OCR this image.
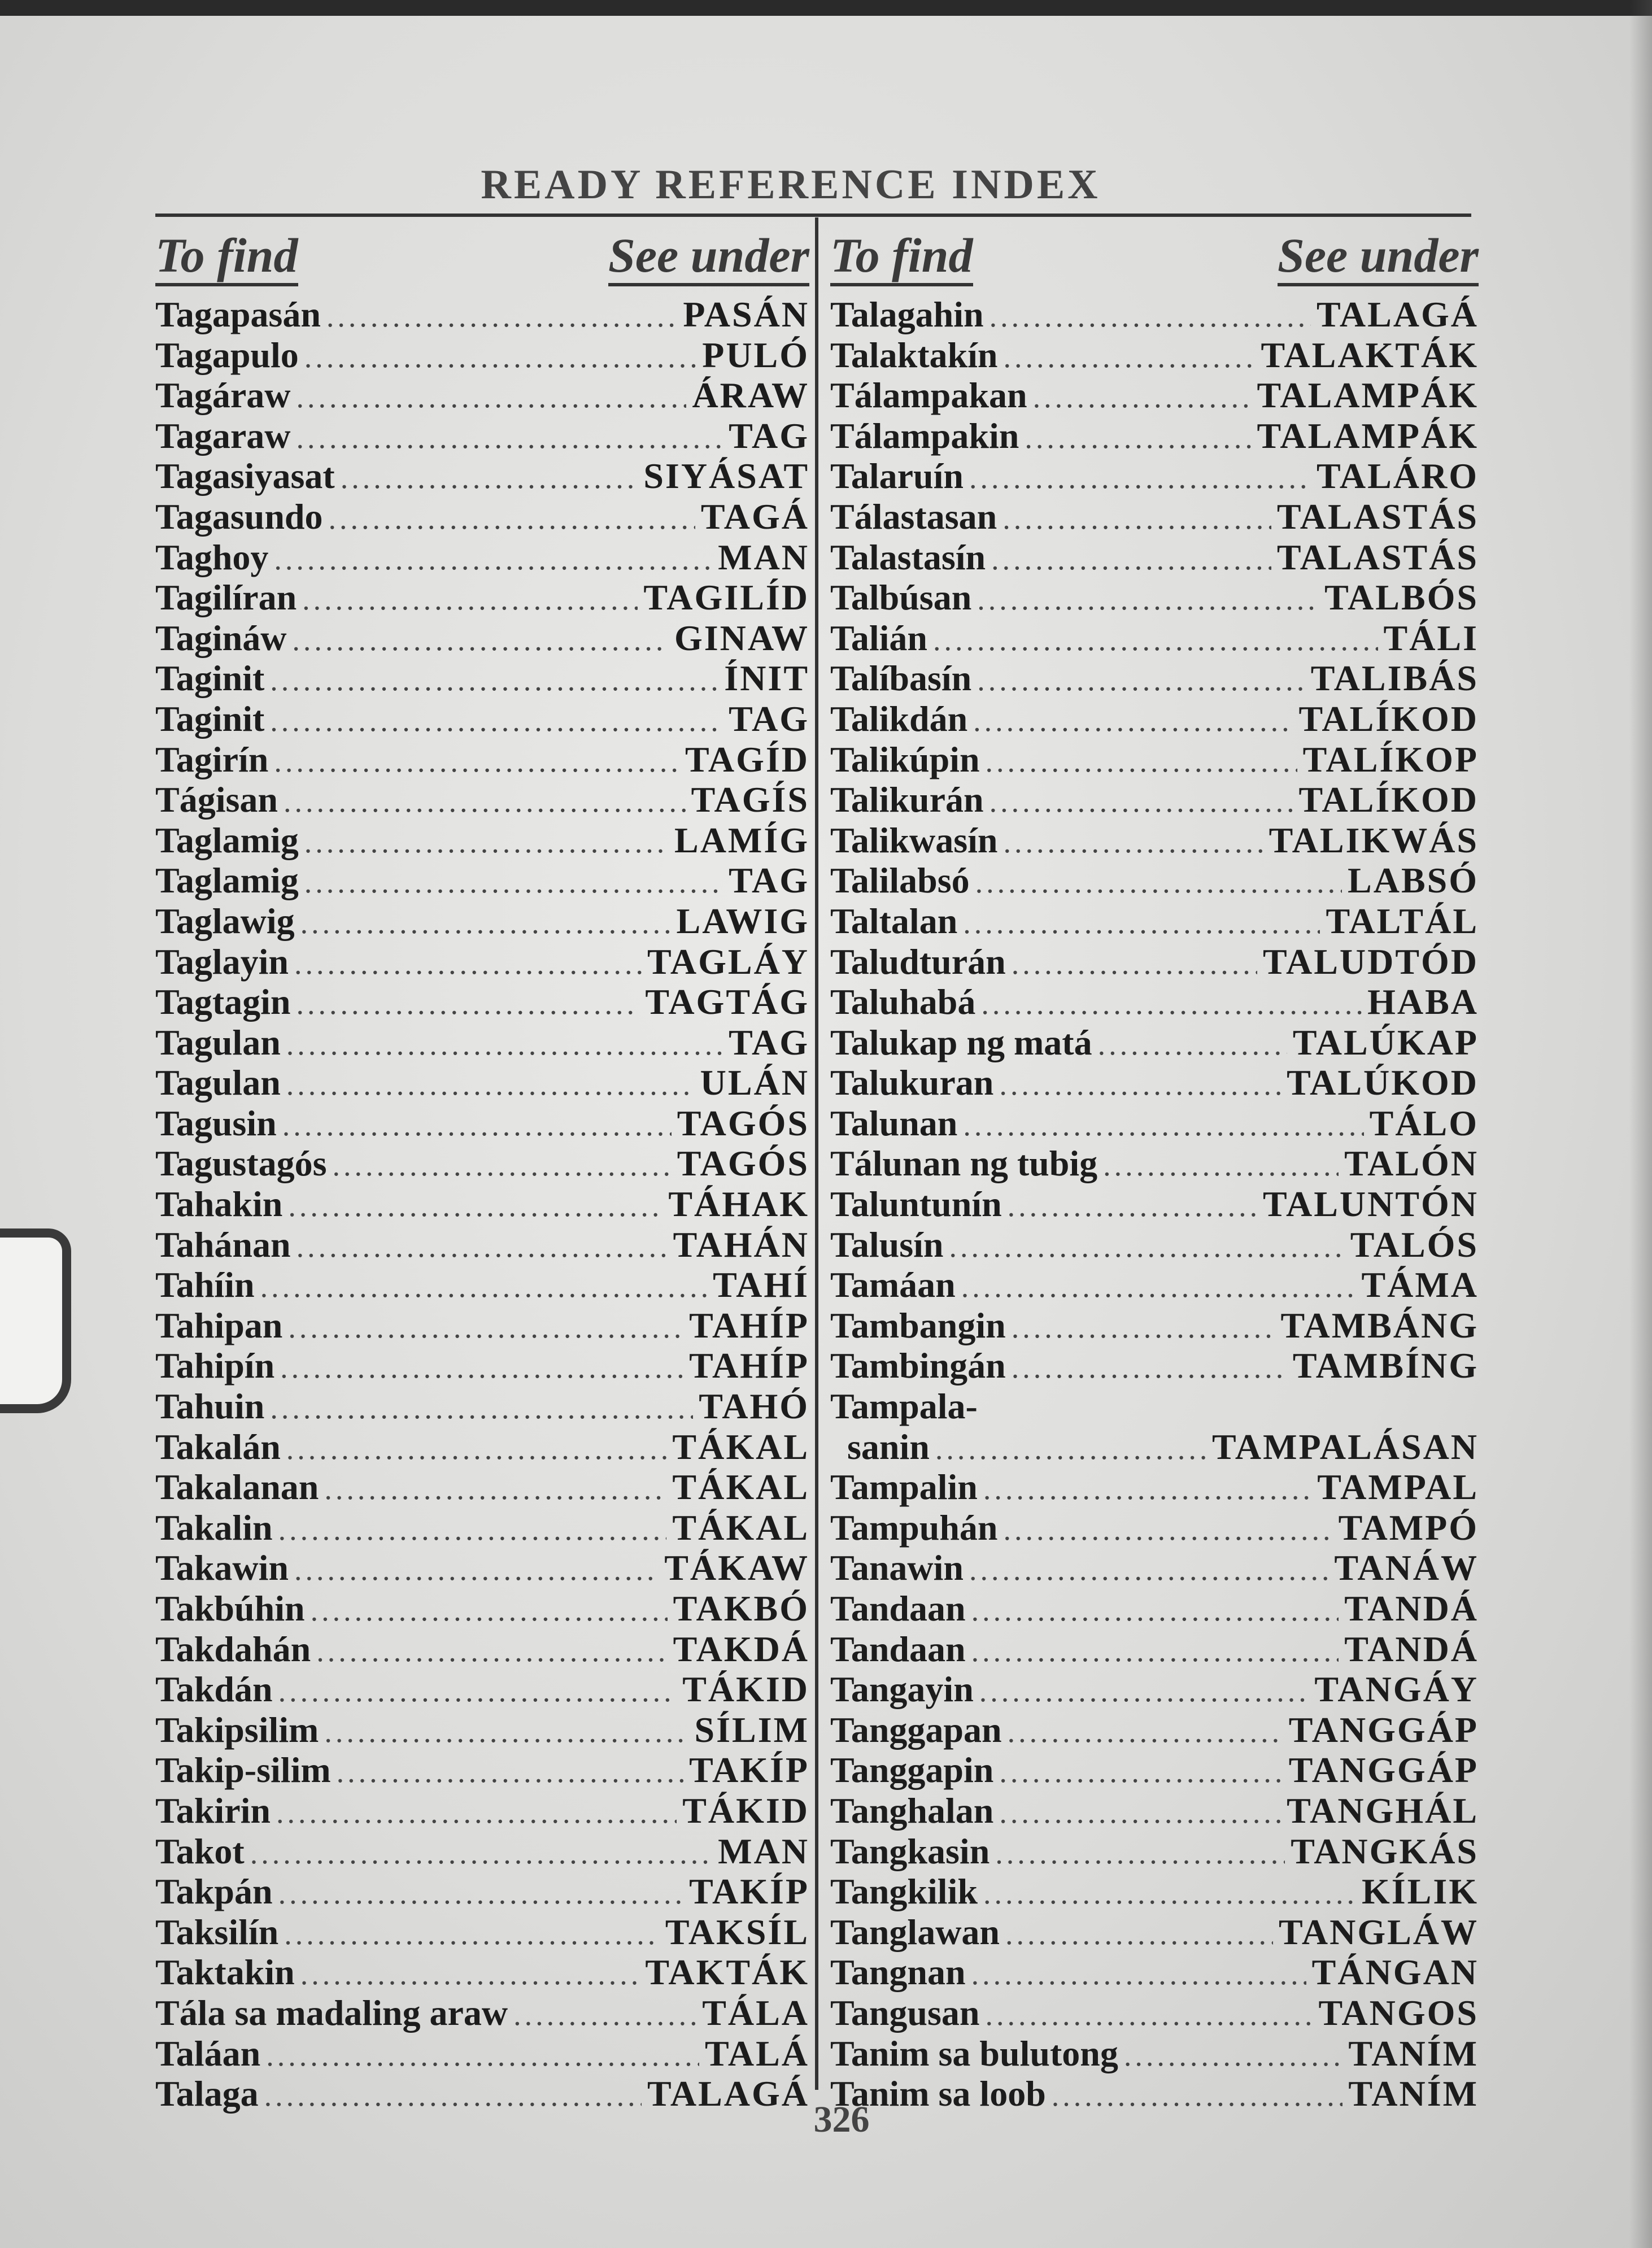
READY REFERENCE INDEX
To find	See under
Tagapasán .....	PASÁN
Tagapulo .....	PULÓ
Tagáraw .....	ÁRAW
Tagaraw .....	TAG
Tagasiyasat .....	SIYÁSAT
Tagasundo .....	TAGÁ
Taghoy .....	MAN
Tagilíran .....	TAGILÍD
Tagináw .....	GINAW
Taginit .....	ÍNIT
Taginit .....	TAG
Tagirín .....	TAGÍD
Tágisan .....	TAGÍS
Taglamig .....	LAMÍG
Taglamig .....	TAG
Taglawig .....	LAWIG
Taglayin .....	TAGLÁY
Tagtagin .....	TAGTÁG
Tagulan .....	TAG
Tagulan .....	ULÁN
Tagusin .....	TAGÓS
Tagustagós .....	TAGÓS
Tahakin .....	TÁHAK
Tahánan .....	TAHÁN
Tahíin .....	TAHÍ
Tahipan .....	TAHÍP
Tahipín .....	TAHÍP
Tahuin .....	TAHÓ
Takalán .....	TÁKAL
Takalanan .....	TÁKAL
Takalin .....	TÁKAL
Takawin .....	TÁKAW
Takbúhin .....	TAKBÓ
Takdahán .....	TAKDÁ
Takdán .....	TÁKID
Takipsilim .....	SÍLIM
Takip-silim .....	TAKÍP
Takirin .....	TÁKID
Takot .....	MAN
Takpán .....	TAKÍP
Taksilín .....	TAKSÍL
Taktakin .....	TAKTÁK
Tála sa madaling araw .....	TÁLA
Taláan .....	TALÁ
Talaga .....	TALAGÁ
To find	See under
Talagahin .....	TALAGÁ
Talaktakín .....	TALAKTÁK
Tálampakan .....	TALAMPÁK
Tálampakin .....	TALAMPÁK
Talaruín .....	TALÁRO
Tálastasan .....	TALASTÁS
Talastasín .....	TALASTÁS
Talbúsan .....	TALBÓS
Talián .....	TÁLI
Talíbasín .....	TALIBÁS
Talikdán .....	TALÍKOD
Talikúpin .....	TALÍKOP
Talikurán .....	TALÍKOD
Talikwasín .....	TALIKWÁS
Talilabsó .....	LABSÓ
Taltalan .....	TALTÁL
Taludturán .....	TALUDTÓD
Taluhabá .....	HABA
Talukap ng matá .....	TALÚKAP
Talukuran .....	TALÚKOD
Talunan .....	TÁLO
Tálunan ng tubig .....	TALÓN
Taluntunín .....	TALUNTÓN
Talusín .....	TALÓS
Tamáan .....	TÁMA
Tambangin .....	TAMBÁNG
Tambingán .....	TAMBÍNG
Tampala-
sanin .....	TAMPALÁSAN
Tampalin .....	TAMPAL
Tampuhán .....	TAMPÓ
Tanawin .....	TANÁW
Tandaan .....	TANDÁ
Tandaan .....	TANDÁ
Tangayin .....	TANGÁY
Tanggapan .....	TANGGÁP
Tanggapin .....	TANGGÁP
Tanghalan .....	TANGHÁL
Tangkasin .....	TANGKÁS
Tangkilik .....	KÍLIK
Tanglawan .....	TANGLÁW
Tangnan .....	TÁNGAN
Tangusan .....	TANGOS
Tanim sa bulutong .....	TANÍM
Tanim sa loob .....	TANÍM
326
